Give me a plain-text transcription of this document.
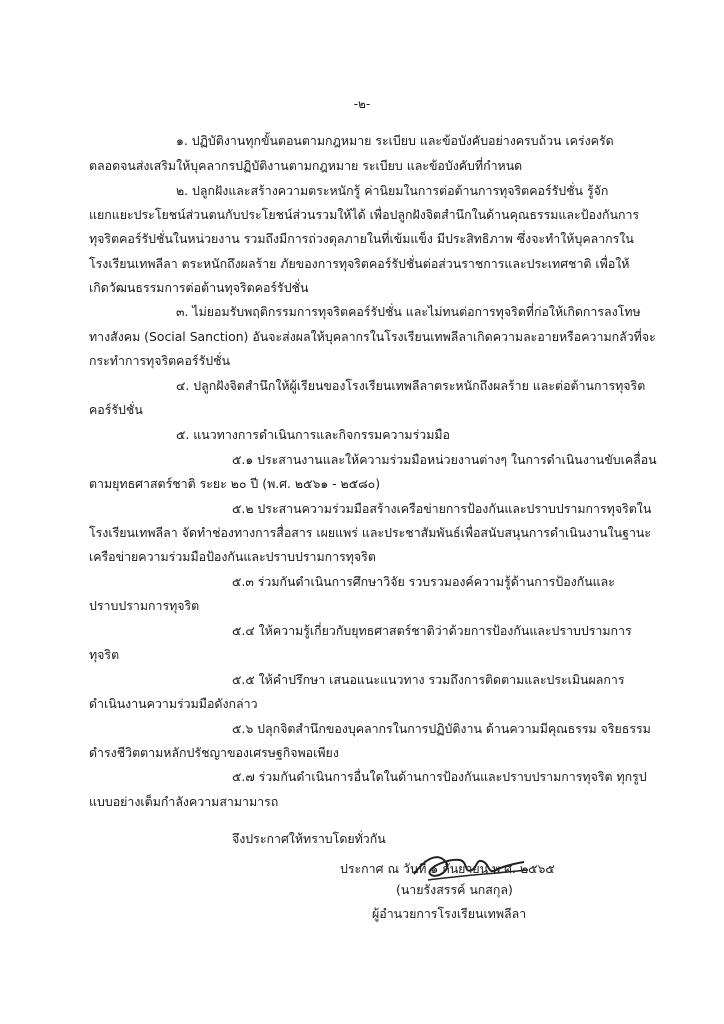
-๒-
๑. ปฏิบัติงานทุกขั้นตอนตามกฎหมาย ระเบียบ และข้อบังคับอย่างครบถ้วน เคร่งครัด
ตลอดจนส่งเสริมให้บุคลากรปฏิบัติงานตามกฎหมาย ระเบียบ และข้อบังคับที่กำหนด
๒. ปลูกฝังและสร้างความตระหนักรู้ ค่านิยมในการต่อต้านการทุจริตคอร์รัปชั่น รู้จัก
แยกแยะประโยชน์ส่วนตนกับประโยชน์ส่วนรวมให้ได้ เพื่อปลูกฝังจิตสำนึกในด้านคุณธรรมและป้องกันการ
ทุจริตคอร์รัปชั่นในหน่วยงาน รวมถึงมีการถ่วงดุลภายในที่เข้มแข็ง มีประสิทธิภาพ ซึ่งจะทำให้บุคลากรใน
โรงเรียนเทพลีลา ตระหนักถึงผลร้าย ภัยของการทุจริตคอร์รัปชั่นต่อส่วนราชการและประเทศชาติ เพื่อให้
เกิดวัฒนธรรมการต่อต้านทุจริตคอร์รัปชั่น
๓. ไม่ยอมรับพฤติกรรมการทุจริตคอร์รัปชั่น และไม่ทนต่อการทุจริตที่ก่อให้เกิดการลงโทษ
ทางสังคม (Social Sanction) อันจะส่งผลให้บุคลากรในโรงเรียนเทพลีลาเกิดความละอายหรือความกลัวที่จะ
กระทำการทุจริตคอร์รัปชั่น
๔. ปลูกฝังจิตสำนึกให้ผู้เรียนของโรงเรียนเทพลีลาตระหนักถึงผลร้าย และต่อต้านการทุจริต
คอร์รัปชั่น
๕. แนวทางการดำเนินการและกิจกรรมความร่วมมือ
๕.๑ ประสานงานและให้ความร่วมมือหน่วยงานต่างๆ ในการดำเนินงานขับเคลื่อน
ตามยุทธศาสตร์ชาติ ระยะ ๒๐ ปี (พ.ศ. ๒๕๖๑ - ๒๕๘๐)
๕.๒ ประสานความร่วมมือสร้างเครือข่ายการป้องกันและปราบปรามการทุจริตใน
โรงเรียนเทพลีลา จัดทำช่องทางการสื่อสาร เผยแพร่ และประชาสัมพันธ์เพื่อสนับสนุนการดำเนินงานในฐานะ
เครือข่ายความร่วมมือป้องกันและปราบปรามการทุจริต
๕.๓ ร่วมกันดำเนินการศึกษาวิจัย รวบรวมองค์ความรู้ด้านการป้องกันและ
ปราบปรามการทุจริต
๕.๔ ให้ความรู้เกี่ยวกับยุทธศาสตร์ชาติว่าด้วยการป้องกันและปราบปรามการ
ทุจริต
๕.๕ ให้คำปรึกษา เสนอแนะแนวทาง รวมถึงการติดตามและประเมินผลการ
ดำเนินงานความร่วมมือดังกล่าว
๕.๖ ปลุกจิตสำนึกของบุคลากรในการปฏิบัติงาน ด้านความมีคุณธรรม จริยธรรม
ดำรงชีวิตตามหลักปรัชญาของเศรษฐกิจพอเพียง
๕.๗ ร่วมกันดำเนินการอื่นใดในด้านการป้องกันและปราบปรามการทุจริต ทุกรูป
แบบอย่างเต็มกำลังความสามามารถ
จึงประกาศให้ทราบโดยทั่วกัน
ประกาศ ณ วันที่ ๑ กันยายน พ.ศ. ๒๕๖๕
(นายรังสรรค์ นกสกุล)
ผู้อำนวยการโรงเรียนเทพลีลา
